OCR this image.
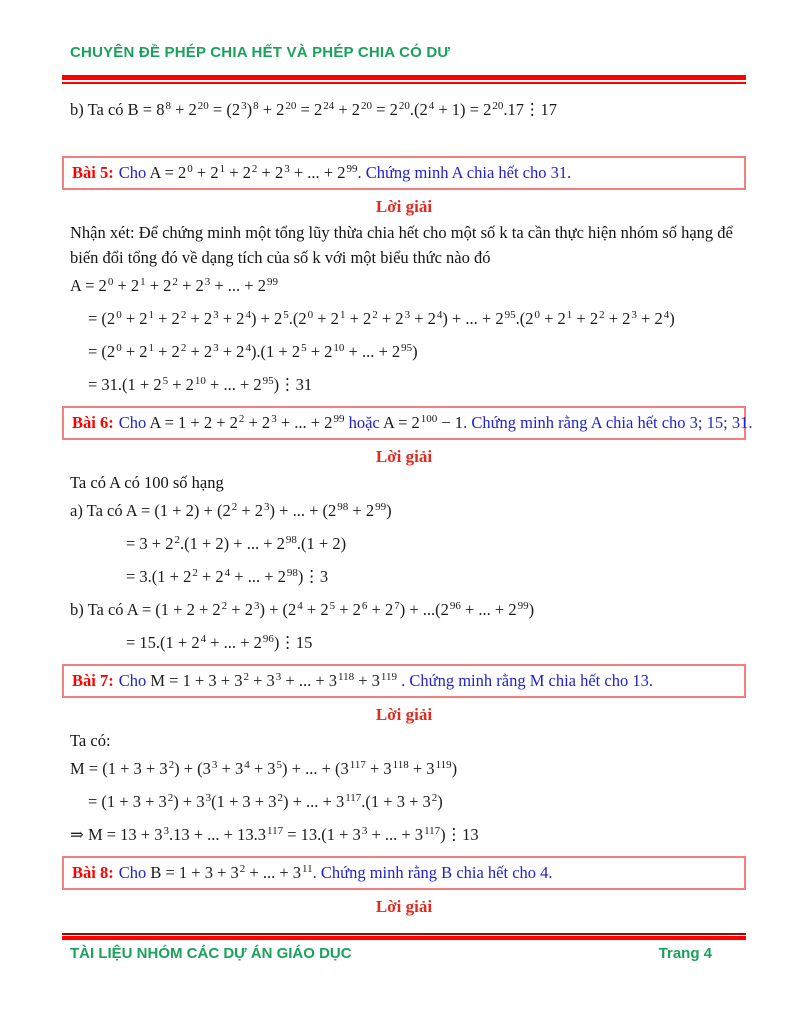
CHUYÊN ĐỀ PHÉP CHIA HẾT VÀ PHÉP CHIA CÓ DƯ
b) Ta có $B = 8^8 + 2^{20} = (2^3)^8 + 2^{20} = 2^{24} + 2^{20} = 2^{20}.(2^4 + 1)$ = $2^{20}.17⋮17$
Bài 5: Cho $A = 2^0 + 2^1 + 2^2 + 2^3$ + ... + $2^{99}$. Chứng minh A chia hết cho 31.
Lời giải

Nhận xét: Để chứng minh một tổng lũy thừa chia hết cho một số k ta cần thực hiện nhóm số hạng để biến đổi tổng đó về dạng tích của số k với một biểu thức nào đó

$A = 2^0 + 2^1 + 2^2 + 2^3$ + ... + $2^{99}$
= $(2^0 + 2^1 + 2^2 + 2^3 + 2^4) + 2^5.(2^0 + 2^1 + 2^2 + 2^3 + 2^4)$ + ... + $2^{95}.(2^0 + 2^1 + 2^2 + 2^3 + 2^4)$
= $(2^0 + 2^1 + 2^2 + 2^3 + 2^4).(1 + 2^5 + 2^{10}$ + ... + $2^{95}$)
= $31.(1 + 2^5 + 2^{10}$ + ... + $2^{95})⋮31$
Bài 6: Cho $A = 1 + 2 + 2^2 + 2^3$ + ... + $2^{99}$ hoặc $A = 2^{100} - 1$. Chứng minh rằng A chia hết cho 3; 15; 31.
Lời giải

Ta có A có 100 số hạng

a) Ta có $A = (1 + 2) + (2^2 + 2^3)$ + ... + $(2^{98} + 2^{99})$
= $3 + 2^2.(1 + 2)$ + ... + $2^{98}.(1 + 2)$
= $3.(1 + 2^2 + 2^4$ + ... + $2^{98})⋮3$
b) Ta có $A = (1 + 2 + 2^2 + 2^3) + (2^4 + 2^5 + 2^6 + 2^7) + ...(2^{96}$ + ... + $2^{99}$)
= $15.(1 + 2^4$ + ... + $2^{96})⋮15$
Bài 7: Cho $M = 1 + 3 + 3^2 + 3^3$ + ... + $3^{118} + 3^{119}$ . Chứng minh rằng M chia hết cho 13.
Lời giải

Ta có:

$M = (1 + 3 + 3^2) + (3^3 + 3^4 + 3^5)$ + ... + $(3^{117} + 3^{118} + 3^{119})$
= $(1 + 3 + 3^2) + 3^3(1 + 3 + 3^2)$ + ... + $3^{117}.(1 + 3 + 3^2)$
⇒ $M = 13 + 3^3.13$ + ... + $13.3^{117} = 13.(1 + 3^3$ + ... + $3^{117})⋮13$
Bài 8: Cho $B = 1 + 3 + 3^2$ + ... + $3^{11}$. Chứng minh rằng B chia hết cho 4.
Lời giải
TÀI LIỆU NHÓM CÁC DỰ ÁN GIÁO DỤC	Trang 4
